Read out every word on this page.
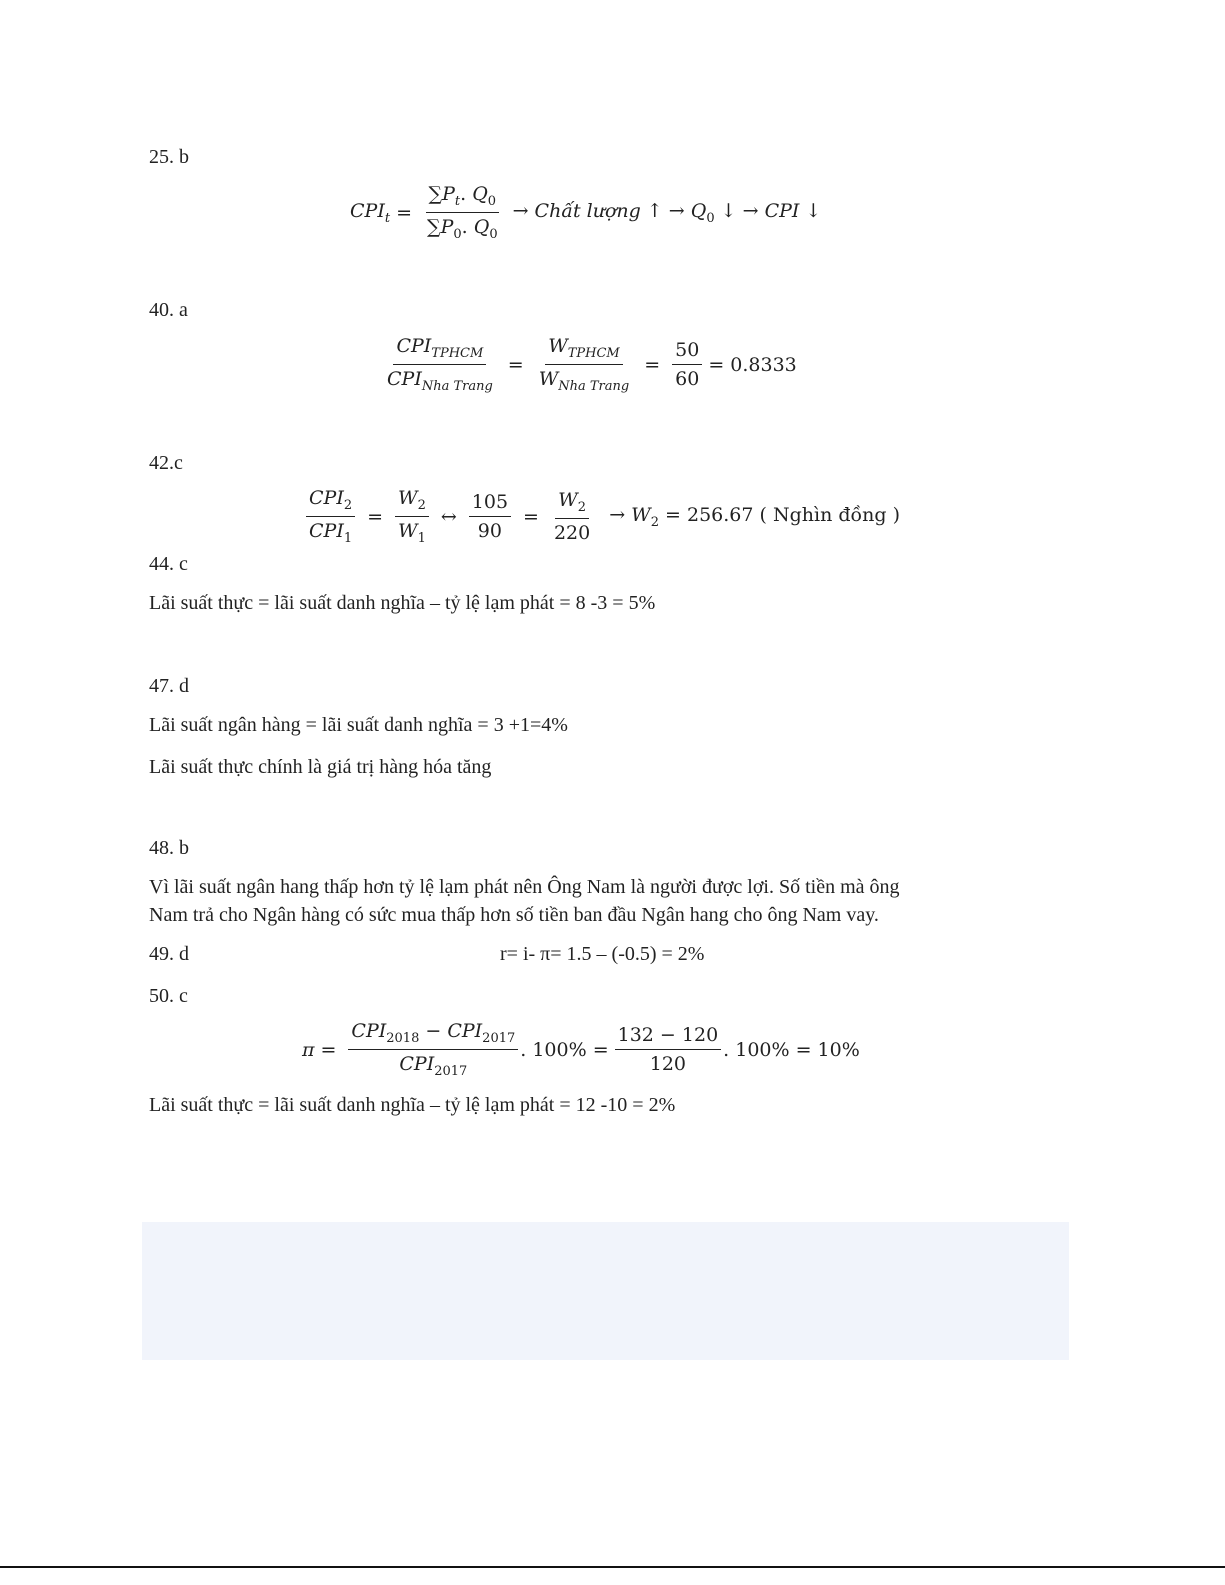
25. b
$CPI_t = \frac{\sum P_t. Q_0}{\sum P_0. Q_0}$ → Chất lượng ↑ → $Q_0$ ↓ → CPI ↓
40. a
$\frac{CPI_{TPHCM}}{CPI_{Nha Trang}} = \frac{W_{TPHCM}}{W_{Nha Trang}} = \frac{50}{60} = 0.8333$
42.c
$\frac{CPI_2}{CPI_1} = \frac{W_2}{W_1}$ ↔ $\frac{105}{90} = \frac{W_2}{220} \to W_2 = 256.67$ ( Nghìn đồng )
44. c
Lãi suất thực = lãi suất danh nghĩa – tỷ lệ lạm phát = 8 -3 = 5%
47. d
Lãi suất ngân hàng = lãi suất danh nghĩa = 3 +1=4%
Lãi suất thực chính là giá trị hàng hóa tăng
48. b
Vì lãi suất ngân hang thấp hơn tỷ lệ lạm phát nên Ông Nam là người được lợi. Số tiền mà ông
Nam trả cho Ngân hàng có sức mua thấp hơn số tiền ban đầu Ngân hang cho ông Nam vay.
49. d	r= i- π= 1.5 – (-0.5) = 2%
50. c
$\pi = \frac{CPI_{2018} - CPI_{2017}}{CPI_{2017}}$ . $100\% = \frac{132 - 120}{120}$ . 100% = 10%
Lãi suất thực = lãi suất danh nghĩa – tỷ lệ lạm phát = 12 -10 = 2%
